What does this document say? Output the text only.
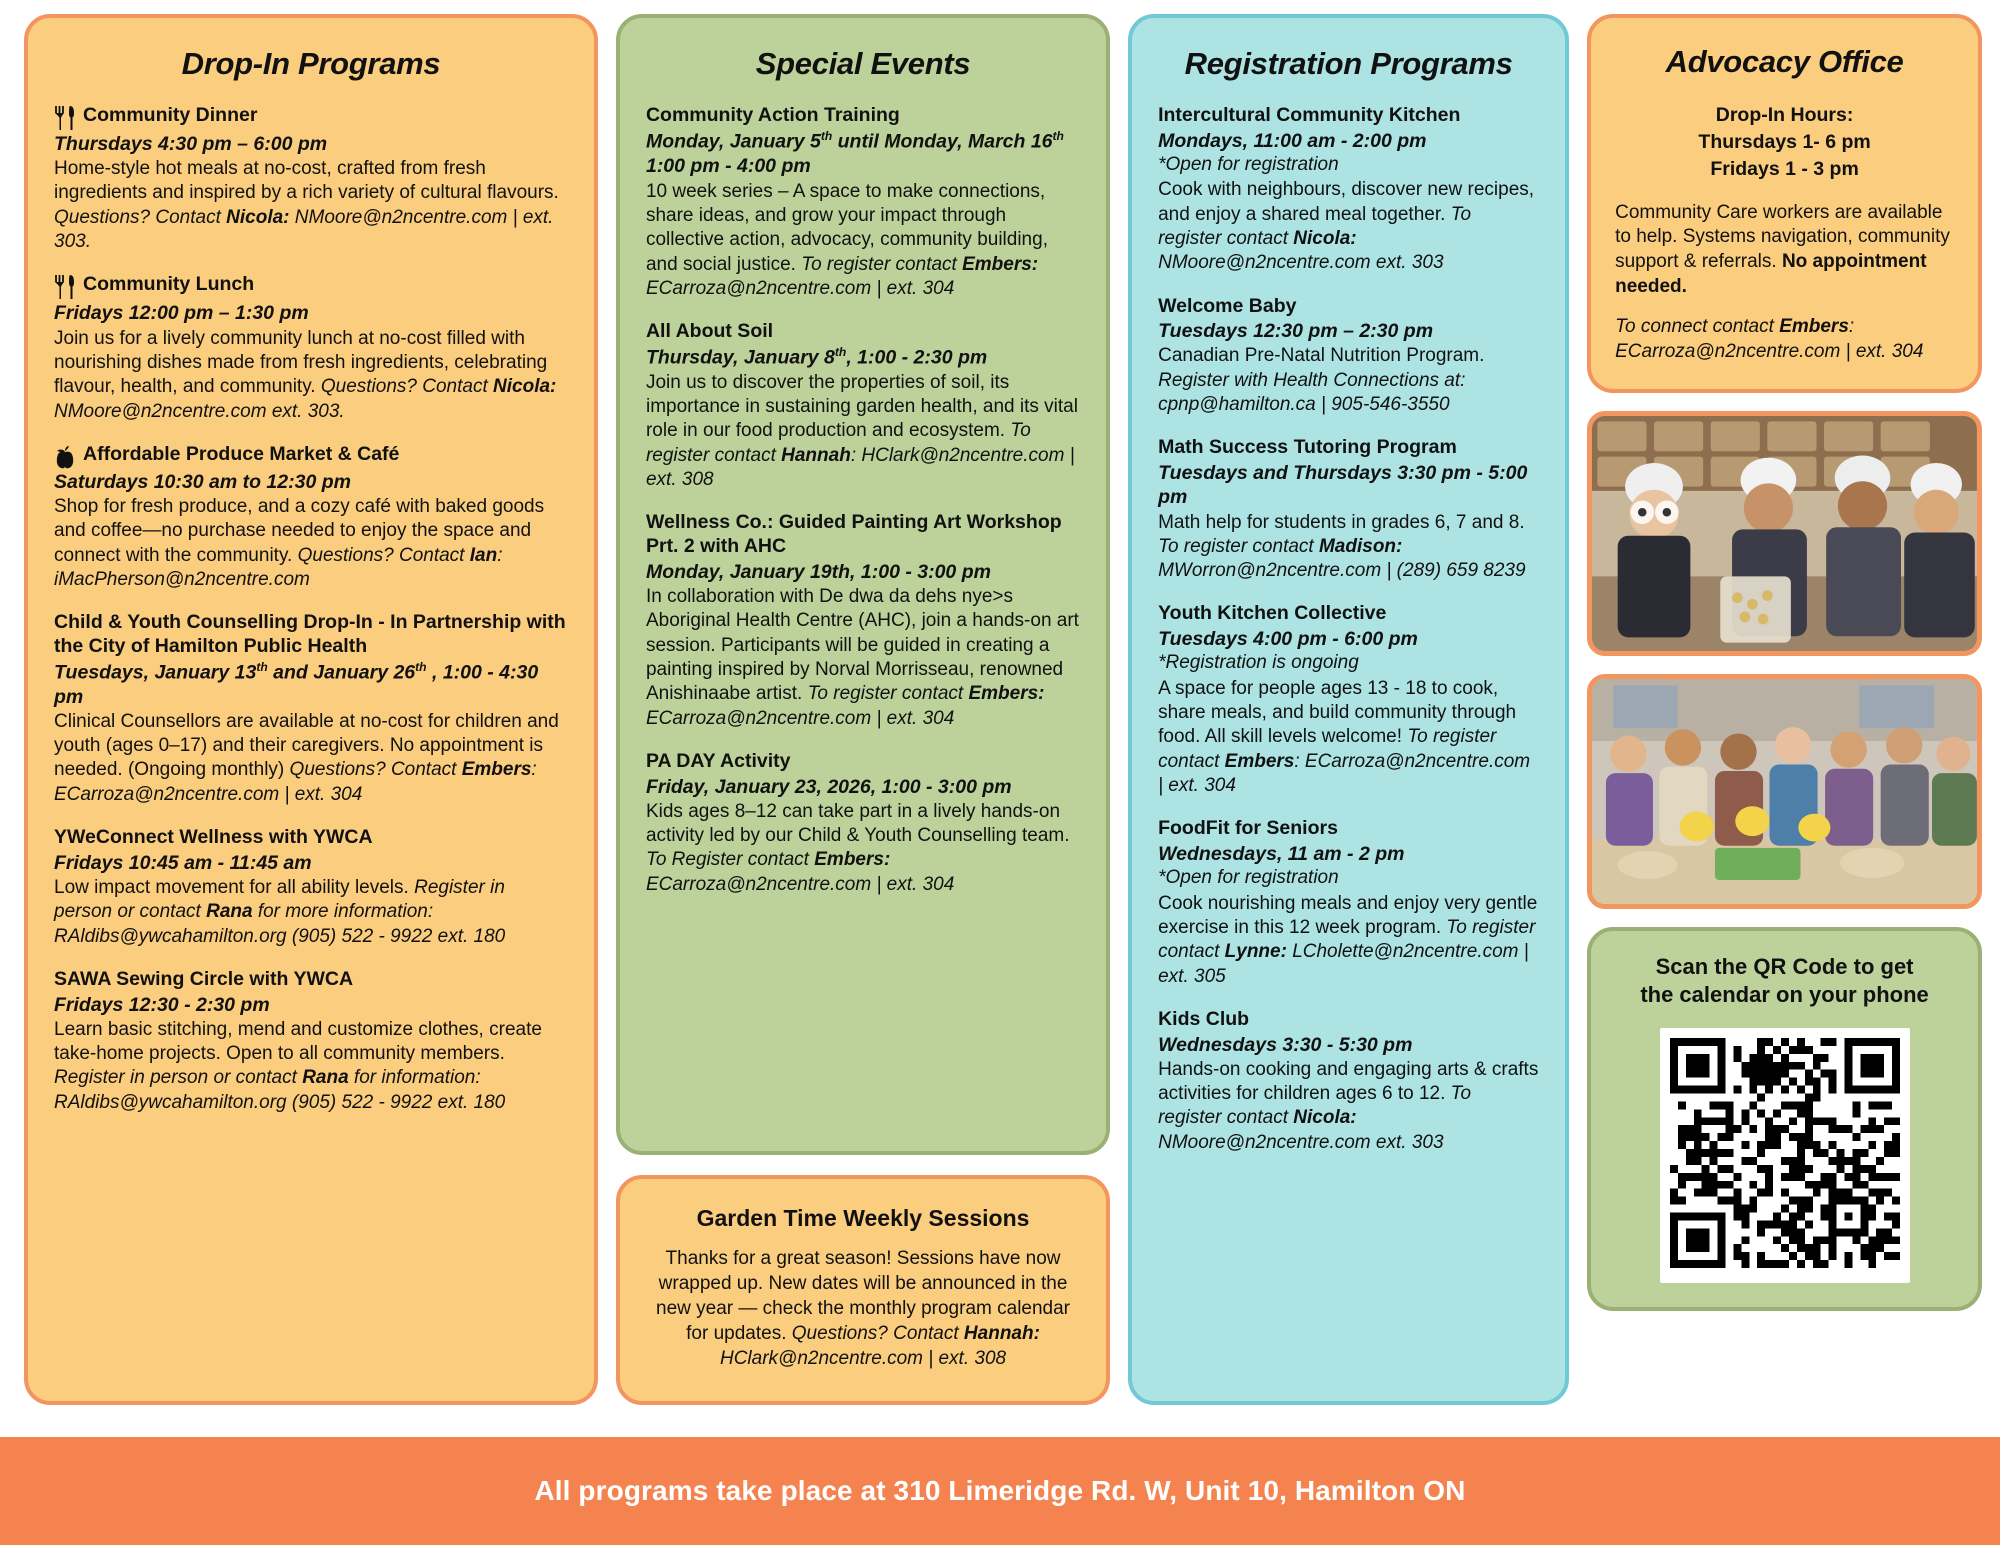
Drop-In Programs
Community Dinner
Thursdays 4:30 pm – 6:00 pm
Home-style hot meals at no-cost, crafted from fresh ingredients and inspired by a rich variety of cultural flavours. Questions? Contact Nicola: NMoore@n2ncentre.com | ext. 303.
Community Lunch
Fridays 12:00 pm – 1:30 pm
Join us for a lively community lunch at no-cost filled with nourishing dishes made from fresh ingredients, celebrating flavour, health, and community. Questions? Contact Nicola: NMoore@n2ncentre.com ext. 303.
Affordable Produce Market & Café
Saturdays 10:30 am to 12:30 pm
Shop for fresh produce, and a cozy café with baked goods and coffee—no purchase needed to enjoy the space and connect with the community. Questions? Contact Ian: iMacPherson@n2ncentre.com
Child & Youth Counselling Drop-In - In Partnership with the City of Hamilton Public Health
Tuesdays, January 13th and January 26th , 1:00 - 4:30 pm
Clinical Counsellors are available at no-cost for children and youth (ages 0–17) and their caregivers. No appointment is needed. (Ongoing monthly) Questions? Contact Embers: ECarroza@n2ncentre.com | ext. 304
YWeConnect Wellness with YWCA
Fridays 10:45 am - 11:45 am
Low impact movement for all ability levels. Register in person or contact Rana for more information: RAldibs@ywcahamilton.org (905) 522 - 9922 ext. 180
SAWA Sewing Circle with YWCA
Fridays 12:30 - 2:30 pm
Learn basic stitching, mend and customize clothes, create take-home projects. Open to all community members. Register in person or contact Rana for information: RAldibs@ywcahamilton.org (905) 522 - 9922 ext. 180
Special Events
Community Action Training
Monday, January 5th until Monday, March 16th
1:00 pm - 4:00 pm
10 week series – A space to make connections, share ideas, and grow your impact through collective action, advocacy, community building, and social justice. To register contact Embers: ECarroza@n2ncentre.com | ext. 304
All About Soil
Thursday, January 8th, 1:00 - 2:30 pm
Join us to discover the properties of soil, its importance in sustaining garden health, and its vital role in our food production and ecosystem. To register contact Hannah: HClark@n2ncentre.com | ext. 308
Wellness Co.: Guided Painting Art Workshop Prt. 2 with AHC
Monday, January 19th, 1:00 - 3:00 pm
In collaboration with De dwa da dehs nye>s Aboriginal Health Centre (AHC), join a hands-on art session. Participants will be guided in creating a painting inspired by Norval Morrisseau, renowned Anishinaabe artist. To register contact Embers: ECarroza@n2ncentre.com | ext. 304
PA DAY Activity
Friday, January 23, 2026, 1:00 - 3:00 pm
Kids ages 8–12 can take part in a lively hands-on activity led by our Child & Youth Counselling team. To Register contact Embers: ECarroza@n2ncentre.com | ext. 304
Garden Time Weekly Sessions
Thanks for a great season! Sessions have now wrapped up. New dates will be announced in the new year — check the monthly program calendar for updates. Questions? Contact Hannah: HClark@n2ncentre.com | ext. 308
Registration Programs
Intercultural Community Kitchen
Mondays, 11:00 am - 2:00 pm
*Open for registration
Cook with neighbours, discover new recipes, and enjoy a shared meal together. To register contact Nicola: NMoore@n2ncentre.com ext. 303
Welcome Baby
Tuesdays 12:30 pm – 2:30 pm
Canadian Pre-Natal Nutrition Program. Register with Health Connections at: cpnp@hamilton.ca | 905-546-3550
Math Success Tutoring Program
Tuesdays and Thursdays 3:30 pm - 5:00 pm
Math help for students in grades 6, 7 and 8. To register contact Madison: MWorron@n2ncentre.com | (289) 659 8239
Youth Kitchen Collective
Tuesdays 4:00 pm - 6:00 pm
*Registration is ongoing
A space for people ages 13 - 18 to cook, share meals, and build community through food. All skill levels welcome! To register contact Embers: ECarroza@n2ncentre.com | ext. 304
FoodFit for Seniors
Wednesdays, 11 am - 2 pm
*Open for registration
Cook nourishing meals and enjoy very gentle exercise in this 12 week program. To register contact Lynne: LCholette@n2ncentre.com | ext. 305
Kids Club
Wednesdays 3:30 - 5:30 pm
Hands-on cooking and engaging arts & crafts activities for children ages 6 to 12. To register contact Nicola: NMoore@n2ncentre.com ext. 303
Advocacy Office
Drop-In Hours:
Thursdays 1- 6 pm
Fridays 1 - 3 pm
Community Care workers are available to help. Systems navigation, community support & referrals. No appointment needed.
To connect contact Embers: ECarroza@n2ncentre.com | ext. 304
Scan the QR Code to get
the calendar on your phone
All programs take place at 310 Limeridge Rd. W, Unit 10, Hamilton ON
